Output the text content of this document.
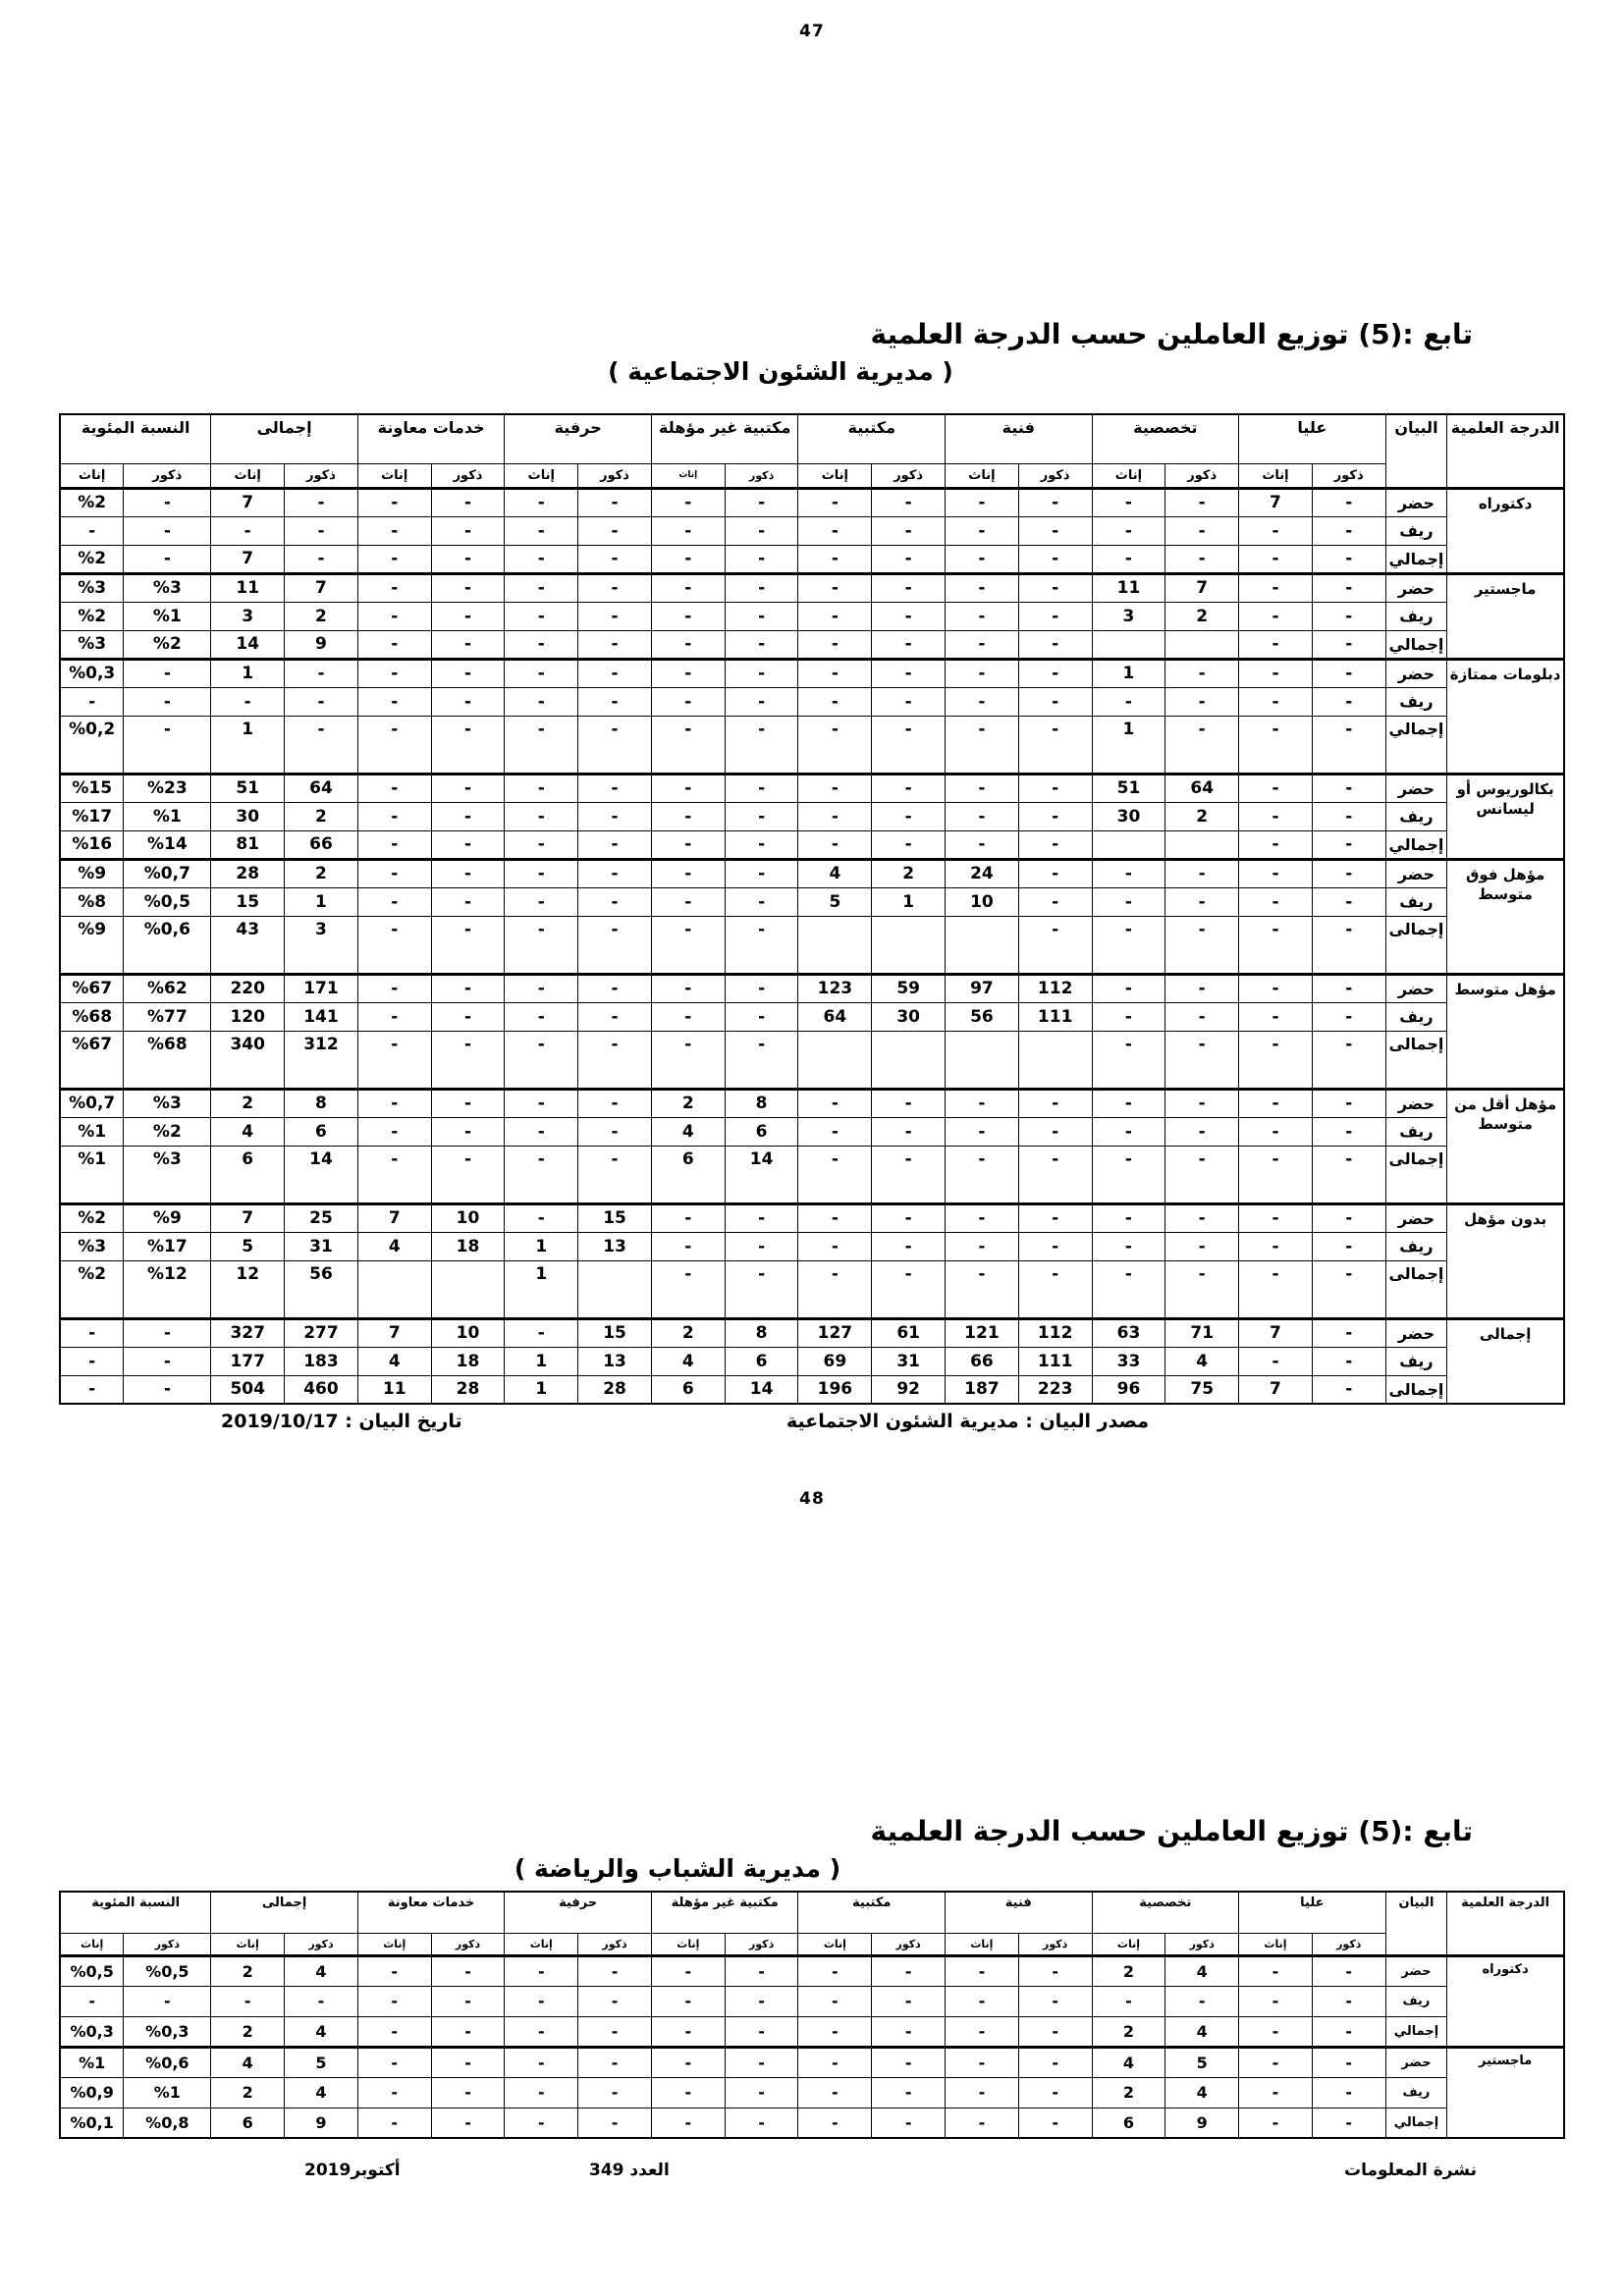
47
تابع :(5) توزيع العاملين حسب الدرجة العلمية
( مديرية الشئون الاجتماعية )
الدرجة العلمية	البيان	عليا		تخصصية		فنية		مكتبية		مكتبية غير مؤهلة		حرفية		خدمات معاونة		إجمالى		النسبة المئوية	
		ذكور	إناث	ذكور	إناث	ذكور	إناث	ذكور	إناث	ذكور	إناث	ذكور	إناث	ذكور	إناث	ذكور	إناث	ذكور	إناث
دكتوراه	حضر	-	7	-	-	-	-	-	-	-	-	-	-	-	-	-	7	-	%2
	ريف	-	-	-	-	-	-	-	-	-	-	-	-	-	-	-	-	-	-
	إجمالي	-	-	-	-	-	-	-	-	-	-	-	-	-	-	-	7	-	%2
ماجستير	حضر	-	-	7	11	-	-	-	-	-	-	-	-	-	-	7	11	%3	%3
	ريف	-	-	2	3	-	-	-	-	-	-	-	-	-	-	2	3	%1	%2
	إجمالي	-	-			-	-	-	-	-	-	-	-	-	-	9	14	%2	%3
دبلومات ممتازة	حضر	-	-	-	1	-	-	-	-	-	-	-	-	-	-	-	1	-	%0,3
	ريف	-	-	-	-	-	-	-	-	-	-	-	-	-	-	-	-	-	-
	إجمالي	-	-	-	1	-	-	-	-	-	-	-	-	-	-	-	1	-	%0,2
بكالوريوس أو ليسانس	حضر	-	-	64	51	-	-	-	-	-	-	-	-	-	-	64	51	%23	%15
	ريف	-	-	2	30	-	-	-	-	-	-	-	-	-	-	2	30	%1	%17
	إجمالي	-	-			-	-	-	-	-	-	-	-	-	-	66	81	%14	%16
مؤهل فوق متوسط	حضر	-	-	-	-	-	24	2	4	-	-	-	-	-	-	2	28	%0,7	%9
	ريف	-	-	-	-	-	10	1	5	-	-	-	-	-	-	1	15	%0,5	%8
	إجمالى	-	-	-	-	-				-	-	-	-	-	-	3	43	%0,6	%9
مؤهل متوسط	حضر	-	-	-	-	112	97	59	123	-	-	-	-	-	-	171	220	%62	%67
	ريف	-	-	-	-	111	56	30	64	-	-	-	-	-	-	141	120	%77	%68
	إجمالى	-	-	-	-					-	-	-	-	-	-	312	340	%68	%67
مؤهل أقل من متوسط	حضر	-	-	-	-	-	-	-	-	8	2	-	-	-	-	8	2	%3	%0,7
	ريف	-	-	-	-	-	-	-	-	6	4	-	-	-	-	6	4	%2	%1
	إجمالى	-	-	-	-	-	-	-	-	14	6	-	-	-	-	14	6	%3	%1
بدون مؤهل	حضر	-	-	-	-	-	-	-	-	-	-	15	-	10	7	25	7	%9	%2
	ريف	-	-	-	-	-	-	-	-	-	-	13	1	18	4	31	5	%17	%3
	إجمالى	-	-	-	-	-	-	-	-	-	-		1			56	12	%12	%2
إجمالى	حضر	-	7	71	63	112	121	61	127	8	2	15	-	10	7	277	327	-	-
	ريف	-	-	4	33	111	66	31	69	6	4	13	1	18	4	183	177	-	-
	إجمالى	-	7	75	96	223	187	92	196	14	6	28	1	28	11	460	504	-	-
مصدر البيان : مديرية الشئون الاجتماعية
تاريخ البيان : 2019/10/17
48
تابع :(5) توزيع العاملين حسب الدرجة العلمية
( مديرية الشباب والرياضة )
الدرجة العلمية	البيان	عليا		تخصصية		فنية		مكتبية		مكتبية غير مؤهلة		حرفية		خدمات معاونة		إجمالى		النسبة المئوية	
		ذكور	إناث	ذكور	إناث	ذكور	إناث	ذكور	إناث	ذكور	إناث	ذكور	إناث	ذكور	إناث	ذكور	إناث	ذكور	إناث
دكتوراه	حضر	-	-	4	2	-	-	-	-	-	-	-	-	-	-	4	2	%0,5	%0,5
	ريف	-	-	-	-	-	-	-	-	-	-	-	-	-	-	-	-	-	-
	إجمالي	-	-	4	2	-	-	-	-	-	-	-	-	-	-	4	2	%0,3	%0,3
ماجستير	حضر	-	-	5	4	-	-	-	-	-	-	-	-	-	-	5	4	%0,6	%1
	ريف	-	-	4	2	-	-	-	-	-	-	-	-	-	-	4	2	%1	%0,9
	إجمالي	-	-	9	6	-	-	-	-	-	-	-	-	-	-	9	6	%0,8	%0,1
نشرة المعلومات
العدد 349
أكتوبر2019
